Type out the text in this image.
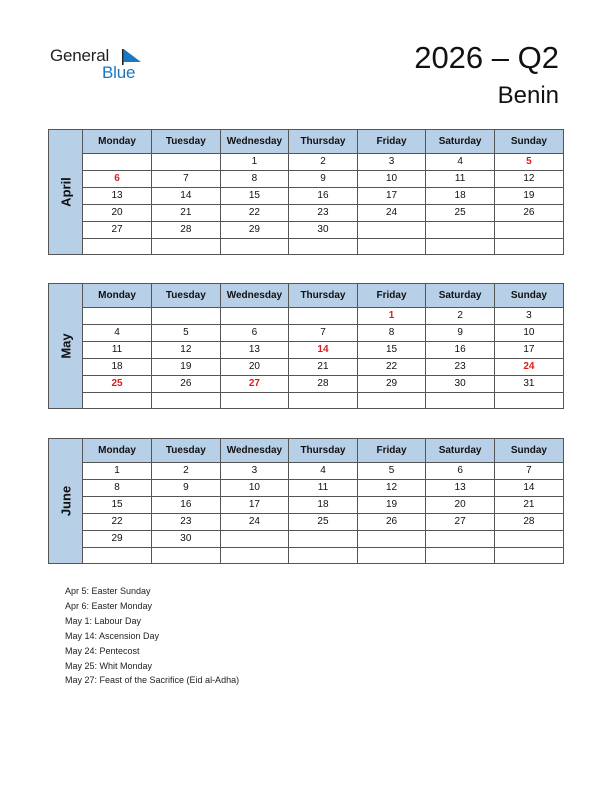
General
Blue	2026 – Q2
Benin
April
Monday	Tuesday	Wednesday	Thursday	Friday	Saturday	Sunday
		1	2	3	4	5
6	7	8	9	10	11	12
13	14	15	16	17	18	19
20	21	22	23	24	25	26
27	28	29	30			

May
Monday	Tuesday	Wednesday	Thursday	Friday	Saturday	Sunday
				1	2	3
4	5	6	7	8	9	10
11	12	13	14	15	16	17
18	19	20	21	22	23	24
25	26	27	28	29	30	31

June
Monday	Tuesday	Wednesday	Thursday	Friday	Saturday	Sunday
1	2	3	4	5	6	7
8	9	10	11	12	13	14
15	16	17	18	19	20	21
22	23	24	25	26	27	28
29	30					

Apr 5: Easter Sunday
Apr 6: Easter Monday
May 1: Labour Day
May 14: Ascension Day
May 24: Pentecost
May 25: Whit Monday
May 27: Feast of the Sacrifice (Eid al-Adha)
